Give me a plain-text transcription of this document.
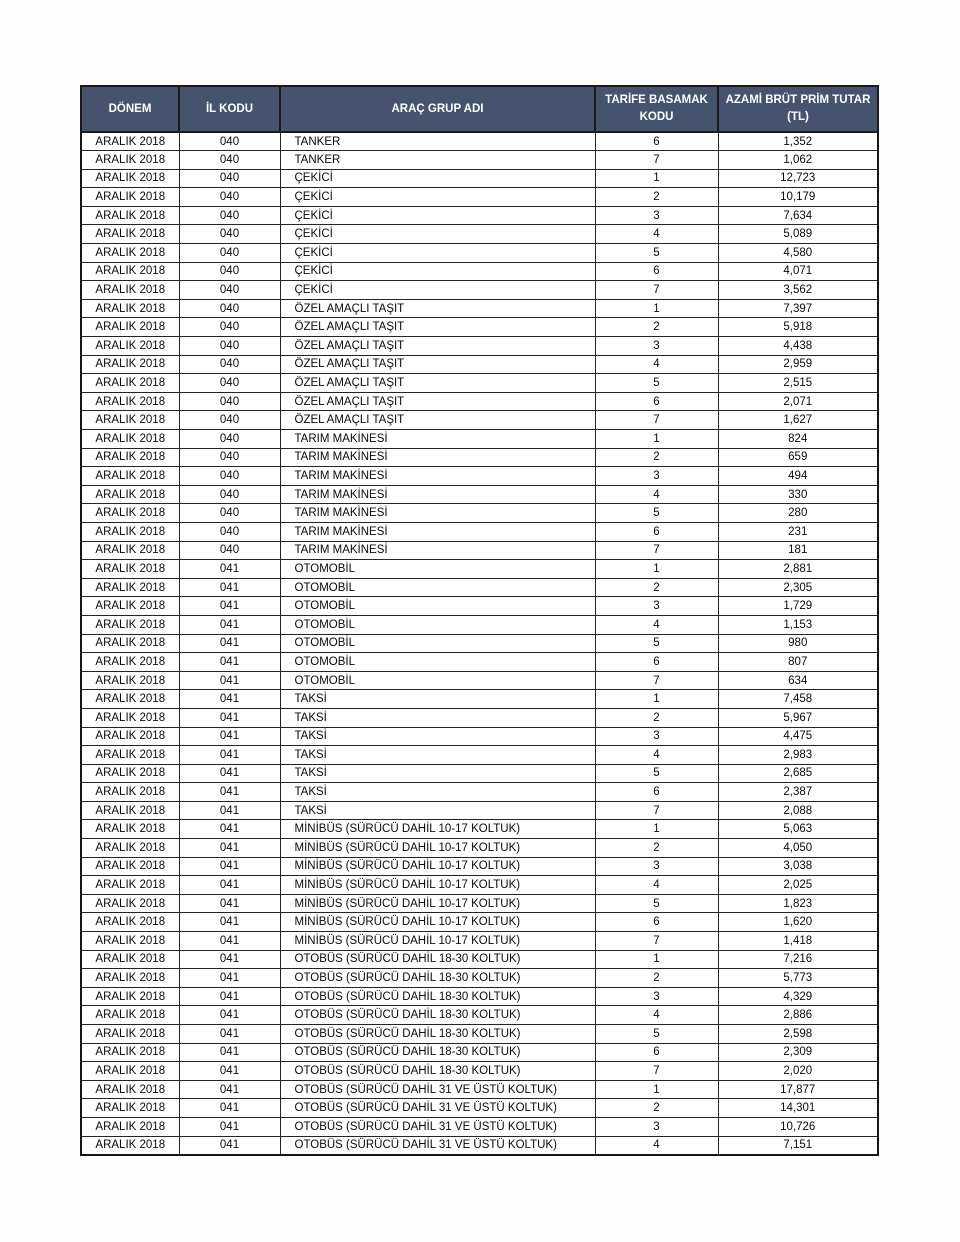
DÖNEM	İL KODU	ARAÇ GRUP ADI	TARİFE BASAMAK KODU	AZAMİ BRÜT PRİM TUTAR (TL)
ARALIK 2018	040	TANKER	6	1,352
ARALIK 2018	040	TANKER	7	1,062
ARALIK 2018	040	ÇEKİCİ	1	12,723
ARALIK 2018	040	ÇEKİCİ	2	10,179
ARALIK 2018	040	ÇEKİCİ	3	7,634
ARALIK 2018	040	ÇEKİCİ	4	5,089
ARALIK 2018	040	ÇEKİCİ	5	4,580
ARALIK 2018	040	ÇEKİCİ	6	4,071
ARALIK 2018	040	ÇEKİCİ	7	3,562
ARALIK 2018	040	ÖZEL AMAÇLI TAŞIT	1	7,397
ARALIK 2018	040	ÖZEL AMAÇLI TAŞIT	2	5,918
ARALIK 2018	040	ÖZEL AMAÇLI TAŞIT	3	4,438
ARALIK 2018	040	ÖZEL AMAÇLI TAŞIT	4	2,959
ARALIK 2018	040	ÖZEL AMAÇLI TAŞIT	5	2,515
ARALIK 2018	040	ÖZEL AMAÇLI TAŞIT	6	2,071
ARALIK 2018	040	ÖZEL AMAÇLI TAŞIT	7	1,627
ARALIK 2018	040	TARIM MAKİNESİ	1	824
ARALIK 2018	040	TARIM MAKİNESİ	2	659
ARALIK 2018	040	TARIM MAKİNESİ	3	494
ARALIK 2018	040	TARIM MAKİNESİ	4	330
ARALIK 2018	040	TARIM MAKİNESİ	5	280
ARALIK 2018	040	TARIM MAKİNESİ	6	231
ARALIK 2018	040	TARIM MAKİNESİ	7	181
ARALIK 2018	041	OTOMOBİL	1	2,881
ARALIK 2018	041	OTOMOBİL	2	2,305
ARALIK 2018	041	OTOMOBİL	3	1,729
ARALIK 2018	041	OTOMOBİL	4	1,153
ARALIK 2018	041	OTOMOBİL	5	980
ARALIK 2018	041	OTOMOBİL	6	807
ARALIK 2018	041	OTOMOBİL	7	634
ARALIK 2018	041	TAKSİ	1	7,458
ARALIK 2018	041	TAKSİ	2	5,967
ARALIK 2018	041	TAKSİ	3	4,475
ARALIK 2018	041	TAKSİ	4	2,983
ARALIK 2018	041	TAKSİ	5	2,685
ARALIK 2018	041	TAKSİ	6	2,387
ARALIK 2018	041	TAKSİ	7	2,088
ARALIK 2018	041	MİNİBÜS (SÜRÜCÜ DAHİL 10-17 KOLTUK)	1	5,063
ARALIK 2018	041	MİNİBÜS (SÜRÜCÜ DAHİL 10-17 KOLTUK)	2	4,050
ARALIK 2018	041	MİNİBÜS (SÜRÜCÜ DAHİL 10-17 KOLTUK)	3	3,038
ARALIK 2018	041	MİNİBÜS (SÜRÜCÜ DAHİL 10-17 KOLTUK)	4	2,025
ARALIK 2018	041	MİNİBÜS (SÜRÜCÜ DAHİL 10-17 KOLTUK)	5	1,823
ARALIK 2018	041	MİNİBÜS (SÜRÜCÜ DAHİL 10-17 KOLTUK)	6	1,620
ARALIK 2018	041	MİNİBÜS (SÜRÜCÜ DAHİL 10-17 KOLTUK)	7	1,418
ARALIK 2018	041	OTOBÜS (SÜRÜCÜ DAHİL 18-30 KOLTUK)	1	7,216
ARALIK 2018	041	OTOBÜS (SÜRÜCÜ DAHİL 18-30 KOLTUK)	2	5,773
ARALIK 2018	041	OTOBÜS (SÜRÜCÜ DAHİL 18-30 KOLTUK)	3	4,329
ARALIK 2018	041	OTOBÜS (SÜRÜCÜ DAHİL 18-30 KOLTUK)	4	2,886
ARALIK 2018	041	OTOBÜS (SÜRÜCÜ DAHİL 18-30 KOLTUK)	5	2,598
ARALIK 2018	041	OTOBÜS (SÜRÜCÜ DAHİL 18-30 KOLTUK)	6	2,309
ARALIK 2018	041	OTOBÜS (SÜRÜCÜ DAHİL 18-30 KOLTUK)	7	2,020
ARALIK 2018	041	OTOBÜS (SÜRÜCÜ DAHİL 31 VE ÜSTÜ KOLTUK)	1	17,877
ARALIK 2018	041	OTOBÜS (SÜRÜCÜ DAHİL 31 VE ÜSTÜ KOLTUK)	2	14,301
ARALIK 2018	041	OTOBÜS (SÜRÜCÜ DAHİL 31 VE ÜSTÜ KOLTUK)	3	10,726
ARALIK 2018	041	OTOBÜS (SÜRÜCÜ DAHİL 31 VE ÜSTÜ KOLTUK)	4	7,151
